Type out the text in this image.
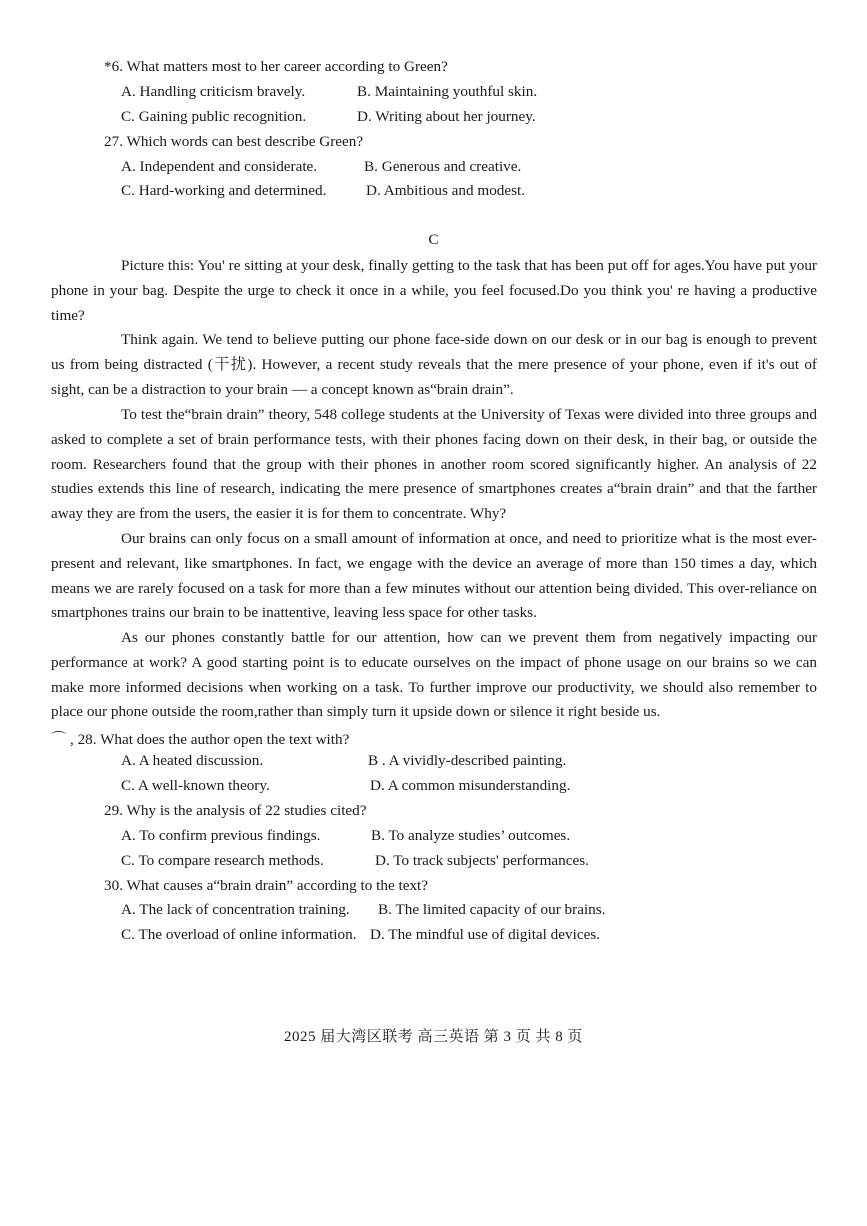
*6. What matters most to her career according to Green?
A. Handling criticism bravely.	B. Maintaining youthful skin.
C. Gaining public recognition.	D. Writing about her journey.
27. Which words can best describe Green?
A. Independent and considerate.	B. Generous and creative.
C. Hard-working and determined.	D. Ambitious and modest.
C
Picture this: You' re sitting at your desk, finally getting to the task that has been put off for ages.You have put your phone in your bag. Despite the urge to check it once in a while, you feel focused.Do you think you' re having a productive time?
Think again. We tend to believe putting our phone face-side down on our desk or in our bag is enough to prevent us from being distracted (干扰). However, a recent study reveals that the mere presence of your phone, even if it's out of sight, can be a distraction to your brain — a concept known as“brain drain”.
To test the“brain drain” theory, 548 college students at the University of Texas were divided into three groups and asked to complete a set of brain performance tests, with their phones facing down on their desk, in their bag, or outside the room. Researchers found that the group with their phones in another room scored significantly higher. An analysis of 22 studies extends this line of research, indicating the mere presence of smartphones creates a“brain drain” and that the farther away they are from the users, the easier it is for them to concentrate. Why?
Our brains can only focus on a small amount of information at once, and need to prioritize what is the most ever-present and relevant, like smartphones. In fact, we engage with the device an average of more than 150 times a day, which means we are rarely focused on a task for more than a few minutes without our attention being divided. This over-reliance on smartphones trains our brain to be inattentive, leaving less space for other tasks.
As our phones constantly battle for our attention, how can we prevent them from negatively impacting our performance at work? A good starting point is to educate ourselves on the impact of phone usage on our brains so we can make more informed decisions when working on a task. To further improve our productivity, we should also remember to place our phone outside the room,rather than simply turn it upside down or silence it right beside us.
⌒ , 28. What does the author open the text with?
A. A heated discussion.	B . A vividly-described painting.
C. A well-known theory.	D. A common misunderstanding.
29. Why is the analysis of 22 studies cited?
A. To confirm previous findings.	B. To analyze studies’ outcomes.
C. To compare research methods.	D. To track subjects' performances.
30. What causes a“brain drain” according to the text?
A. The lack of concentration training. B. The limited capacity of our brains.
C. The overload of online information. D. The mindful use of digital devices.
2025 届大湾区联考 高三英语 第 3 页 共 8 页
